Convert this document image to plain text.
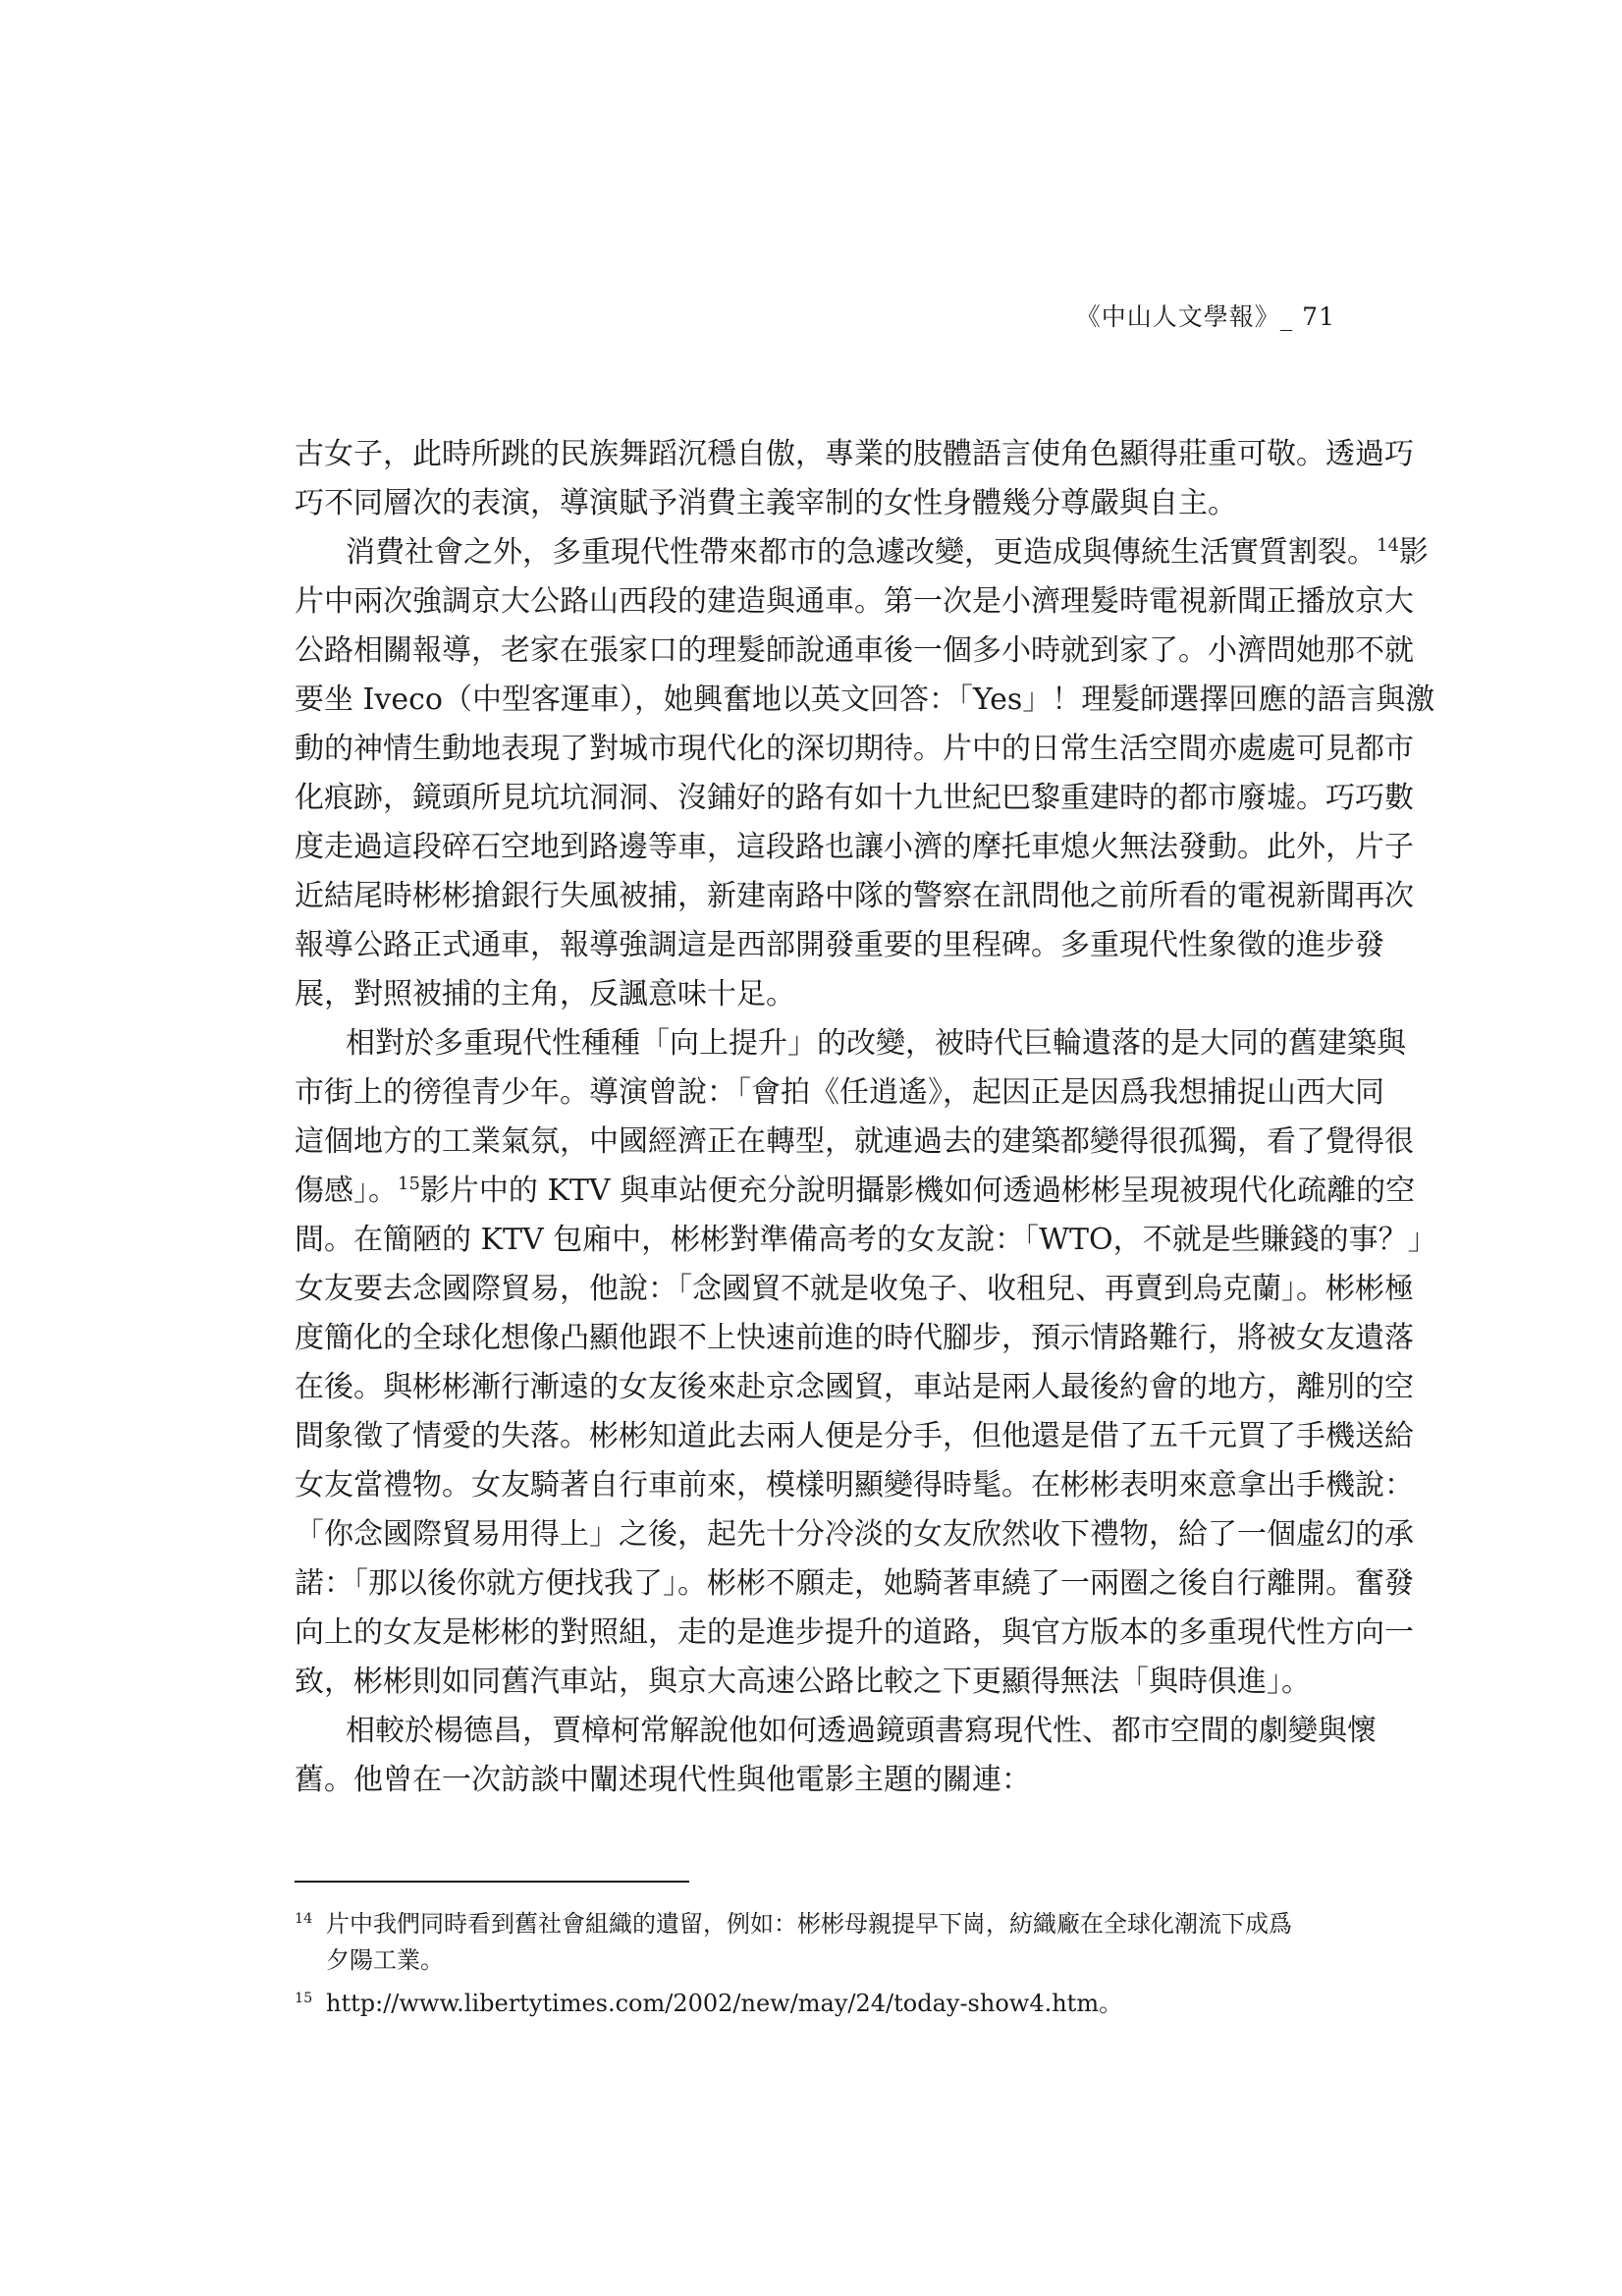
《中山人文學報》_ 71
古女子，此時所跳的民族舞蹈沉穩自傲，專業的肢體語言使角色顯得莊重可敬。透過巧
巧不同層次的表演，導演賦予消費主義宰制的女性身體幾分尊嚴與自主。
消費社會之外，多重現代性帶來都市的急遽改變，更造成與傳統生活實質割裂。$^{14}$影
片中兩次強調京大公路山西段的建造與通車。第一次是小濟理髮時電視新聞正播放京大
公路相關報導，老家在張家口的理髮師說通車後一個多小時就到家了。小濟問她那不就
要坐 Iveco（中型客運車），她興奮地以英文回答：「Yes」！理髮師選擇回應的語言與激
動的神情生動地表現了對城市現代化的深切期待。片中的日常生活空間亦處處可見都市
化痕跡，鏡頭所見坑坑洞洞、沒鋪好的路有如十九世紀巴黎重建時的都市廢墟。巧巧數
度走過這段碎石空地到路邊等車，這段路也讓小濟的摩托車熄火無法發動。此外，片子
近結尾時彬彬搶銀行失風被捕，新建南路中隊的警察在訊問他之前所看的電視新聞再次
報導公路正式通車，報導強調這是西部開發重要的里程碑。多重現代性象徵的進步發
展，對照被捕的主角，反諷意味十足。
相對於多重現代性種種「向上提升」的改變，被時代巨輪遺落的是大同的舊建築與
市街上的徬徨青少年。導演曾說：「會拍《任逍遙》，起因正是因爲我想捕捉山西大同
這個地方的工業氣氛，中國經濟正在轉型，就連過去的建築都變得很孤獨，看了覺得很
傷感」。$^{15}$影片中的 KTV 與車站便充分說明攝影機如何透過彬彬呈現被現代化疏離的空
間。在簡陋的 KTV 包廂中，彬彬對準備高考的女友說：「WTO，不就是些賺錢的事？」
女友要去念國際貿易，他說：「念國貿不就是收兔子、收租兒、再賣到烏克蘭」。彬彬極
度簡化的全球化想像凸顯他跟不上快速前進的時代腳步，預示情路難行，將被女友遺落
在後。與彬彬漸行漸遠的女友後來赴京念國貿，車站是兩人最後約會的地方，離別的空
間象徵了情愛的失落。彬彬知道此去兩人便是分手，但他還是借了五千元買了手機送給
女友當禮物。女友騎著自行車前來，模樣明顯變得時髦。在彬彬表明來意拿出手機說：
「你念國際貿易用得上」之後，起先十分冷淡的女友欣然收下禮物，給了一個虛幻的承
諾：「那以後你就方便找我了」。彬彬不願走，她騎著車繞了一兩圈之後自行離開。奮發
向上的女友是彬彬的對照組，走的是進步提升的道路，與官方版本的多重現代性方向一
致，彬彬則如同舊汽車站，與京大高速公路比較之下更顯得無法「與時俱進」。
相較於楊德昌，賈樟柯常解說他如何透過鏡頭書寫現代性、都市空間的劇變與懷
舊。他曾在一次訪談中闡述現代性與他電影主題的關連：
$^{14}$ 片中我們同時看到舊社會組織的遺留，例如：彬彬母親提早下崗，紡織廠在全球化潮流下成爲
夕陽工業。
$^{15}$ http://www.libertytimes.com/2002/new/may/24/today-show4.htm。
